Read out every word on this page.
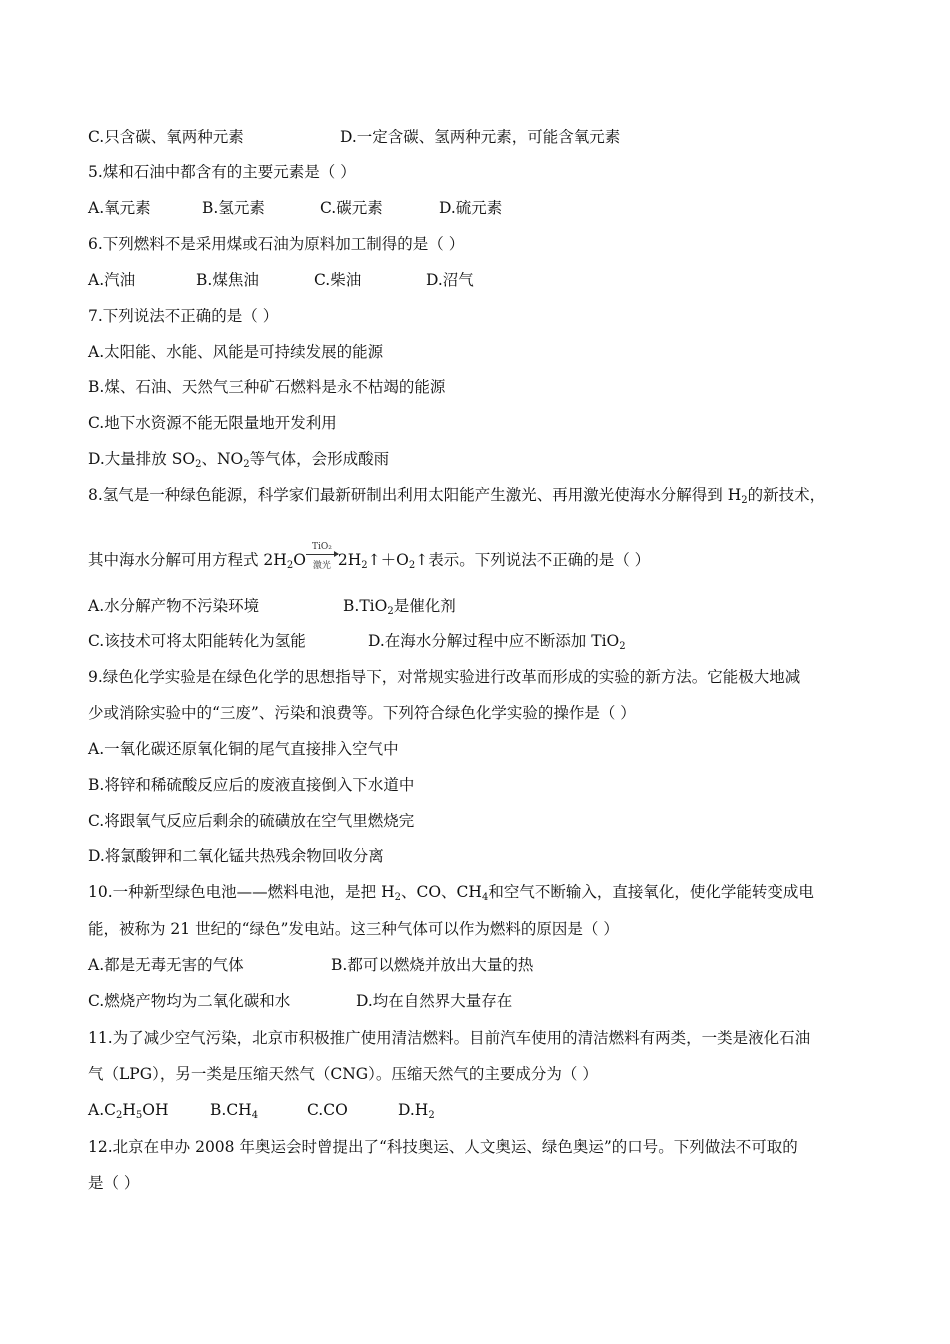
C.只含碳、氧两种元素	D.一定含碳、氢两种元素，可能含氧元素
5.煤和石油中都含有的主要元素是（ ）
A.氧元素	B.氢元素	C.碳元素	D.硫元素
6.下列燃料不是采用煤或石油为原料加工制得的是（ ）
A.汽油	B.煤焦油	C.柴油	D.沼气
7.下列说法不正确的是（ ）
A.太阳能、水能、风能是可持续发展的能源
B.煤、石油、天然气三种矿石燃料是永不枯竭的能源
C.地下水资源不能无限量地开发利用
D.大量排放 $SO_2$、$NO_2$等气体，会形成酸雨
8.氢气是一种绿色能源，科学家们最新研制出利用太阳能产生激光、再用激光使海水分解得到 $H_2$的新技术，
其中海水分解可用方程式 $2H_2O$
TiO₂
激光 $2H_2↑+O_2↑$表示。下列说法不正确的是（ ）
A.水分解产物不污染环境	B.TiO$_2$是催化剂
C.该技术可将太阳能转化为氢能	D.在海水分解过程中应不断添加 TiO$_2$
9.绿色化学实验是在绿色化学的思想指导下，对常规实验进行改革而形成的实验的新方法。它能极大地减
少或消除实验中的“三废”、污染和浪费等。下列符合绿色化学实验的操作是（ ）
A.一氧化碳还原氧化铜的尾气直接排入空气中
B.将锌和稀硫酸反应后的废液直接倒入下水道中
C.将跟氧气反应后剩余的硫磺放在空气里燃烧完
D.将氯酸钾和二氧化锰共热残余物回收分离
10.一种新型绿色电池——燃料电池，是把 $H_2$、CO、$CH_4$和空气不断输入，直接氧化，使化学能转变成电
能，被称为 21 世纪的“绿色”发电站。这三种气体可以作为燃料的原因是（ ）
A.都是无毒无害的气体	B.都可以燃烧并放出大量的热
C.燃烧产物均为二氧化碳和水	D.均在自然界大量存在
11.为了减少空气污染，北京市积极推广使用清洁燃料。目前汽车使用的清洁燃料有两类，一类是液化石油
气（LPG），另一类是压缩天然气（CNG）。压缩天然气的主要成分为（ ）
$A.C_2H_5OH$	$B.CH_4$	C.CO	$D.H_2$
12.北京在申办 2008 年奥运会时曾提出了“科技奥运、人文奥运、绿色奥运”的口号。下列做法不可取的
是（ ）
